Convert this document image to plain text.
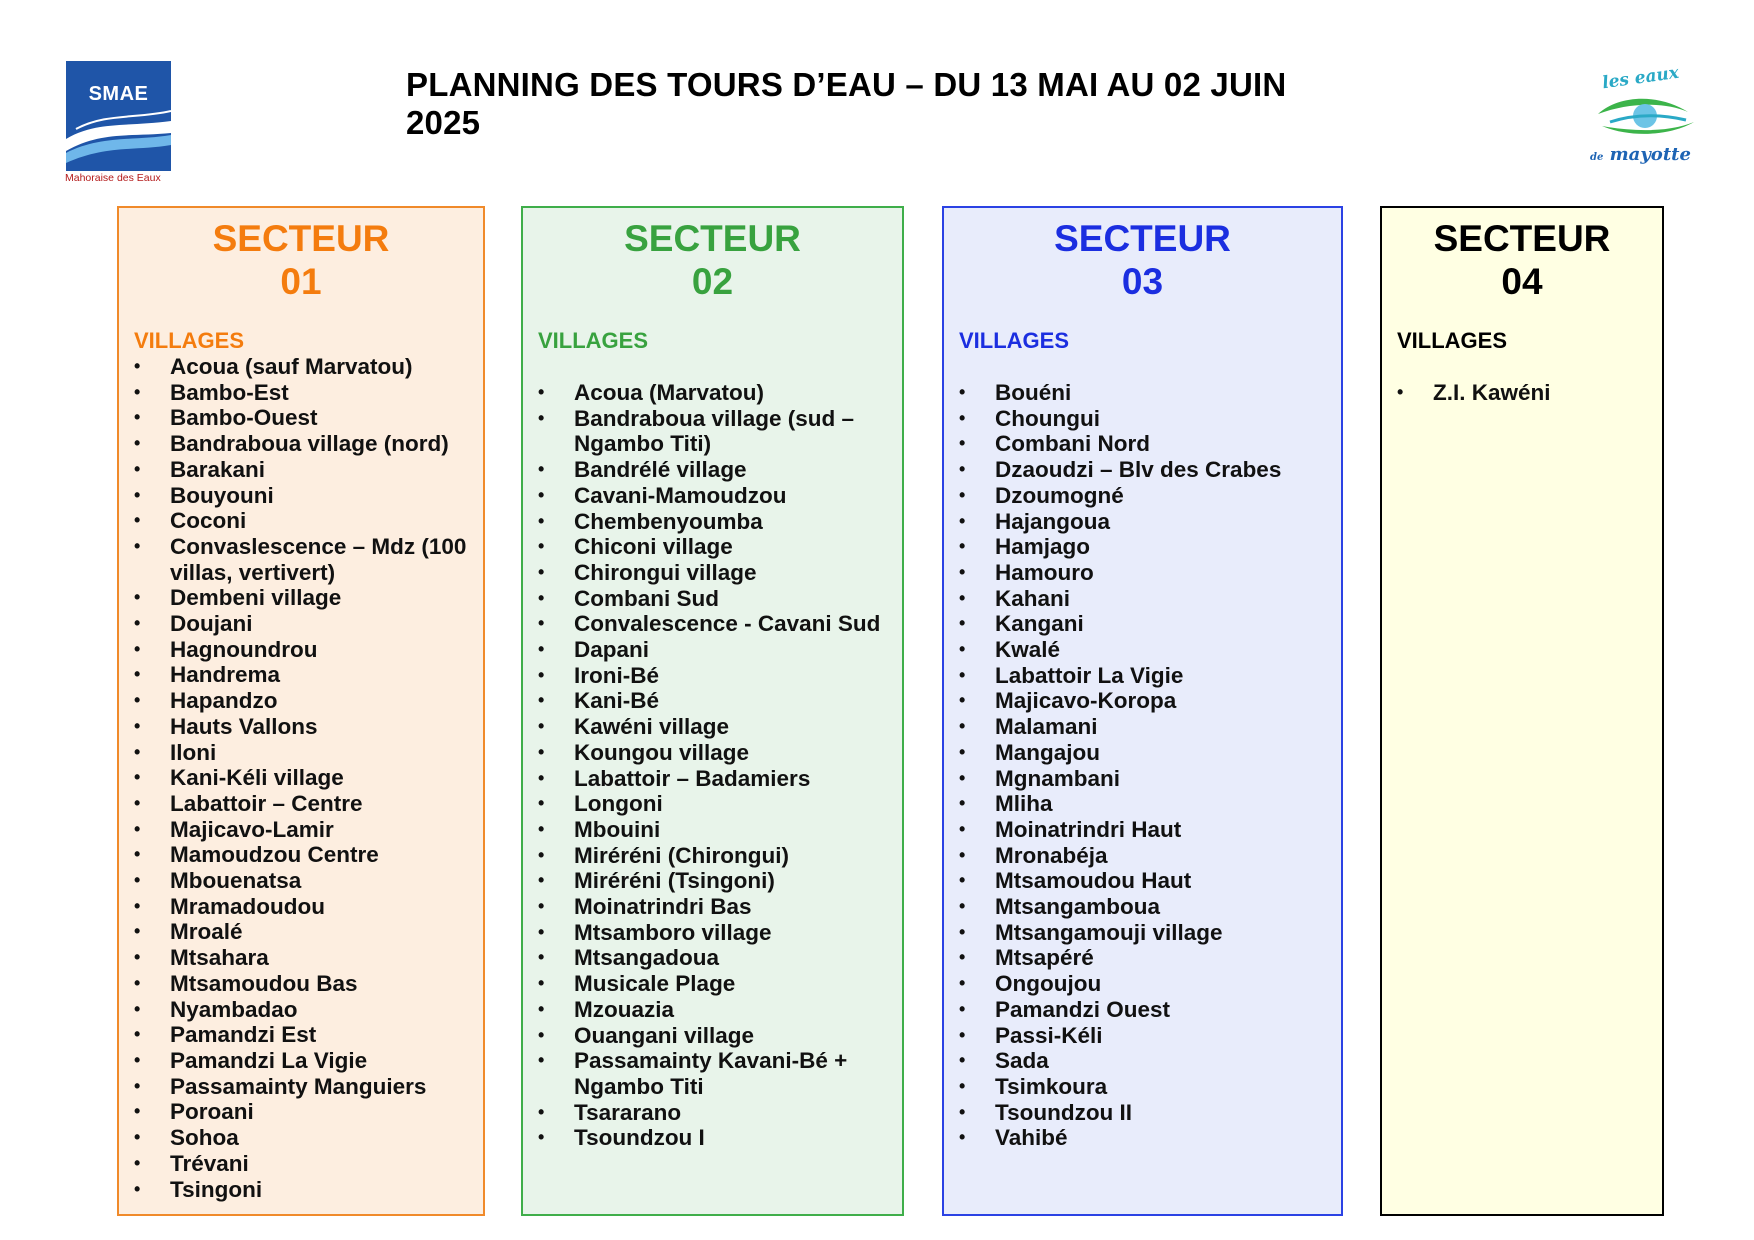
SMAE
Mahoraise des Eaux
PLANNING DES TOURS D’EAU – DU 13 MAI AU 02 JUIN 2025
les eaux
de mayotte
SECTEUR
01
VILLAGES
• Acoua (sauf Marvatou)
• Bambo-Est
• Bambo-Ouest
• Bandraboua village (nord)
• Barakani
• Bouyouni
• Coconi
• Convaslescence – Mdz (100 villas, vertivert)
• Dembeni village
• Doujani
• Hagnoundrou
• Handrema
• Hapandzo
• Hauts Vallons
• Iloni
• Kani-Kéli village
• Labattoir – Centre
• Majicavo-Lamir
• Mamoudzou Centre
• Mbouenatsa
• Mramadoudou
• Mroalé
• Mtsahara
• Mtsamoudou Bas
• Nyambadao
• Pamandzi Est
• Pamandzi La Vigie
• Passamainty Manguiers
• Poroani
• Sohoa
• Trévani
• Tsingoni
SECTEUR
02
VILLAGES
• Acoua (Marvatou)
• Bandraboua village (sud – Ngambo Titi)
• Bandrélé village
• Cavani-Mamoudzou
• Chembenyoumba
• Chiconi village
• Chirongui village
• Combani Sud
• Convalescence - Cavani Sud
• Dapani
• Ironi-Bé
• Kani-Bé
• Kawéni village
• Koungou village
• Labattoir – Badamiers
• Longoni
• Mbouini
• Miréréni (Chirongui)
• Miréréni (Tsingoni)
• Moinatrindri Bas
• Mtsamboro village
• Mtsangadoua
• Musicale Plage
• Mzouazia
• Ouangani village
• Passamainty Kavani-Bé + Ngambo Titi
• Tsararano
• Tsoundzou I
SECTEUR
03
VILLAGES
• Bouéni
• Choungui
• Combani Nord
• Dzaoudzi – Blv des Crabes
• Dzoumogné
• Hajangoua
• Hamjago
• Hamouro
• Kahani
• Kangani
• Kwalé
• Labattoir La Vigie
• Majicavo-Koropa
• Malamani
• Mangajou
• Mgnambani
• Mliha
• Moinatrindri Haut
• Mronabéja
• Mtsamoudou Haut
• Mtsangamboua
• Mtsangamouji village
• Mtsapéré
• Ongoujou
• Pamandzi Ouest
• Passi-Kéli
• Sada
• Tsimkoura
• Tsoundzou II
• Vahibé
SECTEUR
04
VILLAGES
• Z.I. Kawéni
